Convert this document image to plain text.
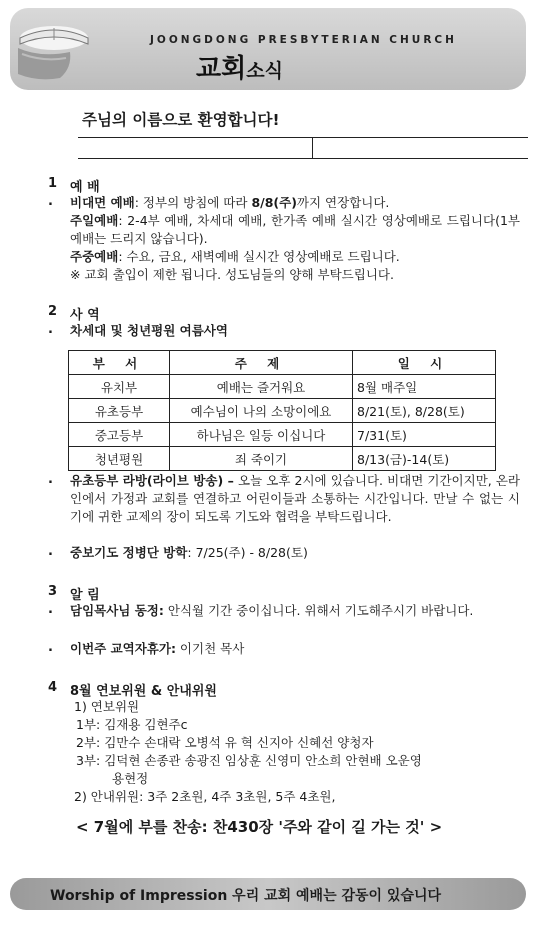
JOONGDONG PRESBYTERIAN CHURCH
교회소식
주님의 이름으로 환영합니다!
1 예 배
. 비대면 예배: 정부의 방침에 따라 8/8(주)까지 연장합니다.
주일예배: 2-4부 예배, 차세대 예배, 한가족 예배 실시간 영상예배로 드립니다(1부 예배는 드리지 않습니다).
주중예배: 수요, 금요, 새벽예배 실시간 영상예배로 드립니다.
※ 교회 출입이 제한 됩니다. 성도님들의 양해 부탁드립니다.
2 사 역
. 차세대 및 청년평원 여름사역
부 서	주 제	일 시
유치부	예배는 즐거워요	8월 매주일
유초등부	예수님이 나의 소망이에요	8/21(토), 8/28(토)
중고등부	하나님은 일등 이십니다	7/31(토)
청년평원	죄 죽이기	8/13(금)-14(토)
. 유초등부 라방(라이브 방송) – 오늘 오후 2시에 있습니다. 비대면 기간이지만, 온라인에서 가정과 교회를 연결하고 어린이들과 소통하는 시간입니다. 만날 수 없는 시기에 귀한 교제의 장이 되도록 기도와 협력을 부탁드립니다.
. 중보기도 정병단 방학: 7/25(주) - 8/28(토)
3 알 림
. 담임목사님 동정: 안식월 기간 중이십니다. 위해서 기도해주시기 바랍니다.
. 이번주 교역자휴가: 이기천 목사
4 8월 연보위원 & 안내위원
1) 연보위원
1부: 김재용 김현주c
2부: 김만수 손대락 오병석 유 혁 신지아 신혜선 양청자
3부: 김덕현 손종관 송광진 임상훈 신영미 안소희 안현배 오운영
용현정
2) 안내위원: 3주 2초원, 4주 3초원, 5주 4초원,
< 7월에 부를 찬송: 찬430장 '주와 같이 길 가는 것' >
Worship of Impression 우리 교회 예배는 감동이 있습니다
